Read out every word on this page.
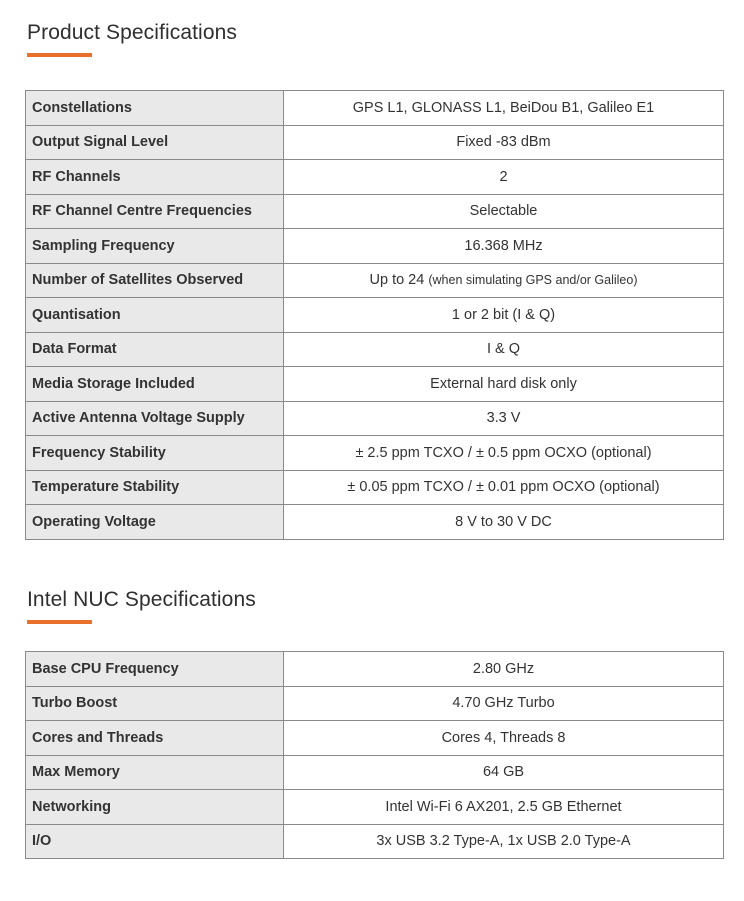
Product Specifications
Constellations	GPS L1, GLONASS L1, BeiDou B1, Galileo E1
Output Signal Level	Fixed -83 dBm
RF Channels	2
RF Channel Centre Frequencies	Selectable
Sampling Frequency	16.368 MHz
Number of Satellites Observed	Up to 24 (when simulating GPS and/or Galileo)
Quantisation	1 or 2 bit (I & Q)
Data Format	I & Q
Media Storage Included	External hard disk only
Active Antenna Voltage Supply	3.3 V
Frequency Stability	± 2.5 ppm TCXO / ± 0.5 ppm OCXO (optional)
Temperature Stability	± 0.05 ppm TCXO / ± 0.01 ppm OCXO (optional)
Operating Voltage	8 V to 30 V DC
Intel NUC Specifications
Base CPU Frequency	2.80 GHz
Turbo Boost	4.70 GHz Turbo
Cores and Threads	Cores 4, Threads 8
Max Memory	64 GB
Networking	Intel Wi-Fi 6 AX201, 2.5 GB Ethernet
I/O	3x USB 3.2 Type-A, 1x USB 2.0 Type-A
